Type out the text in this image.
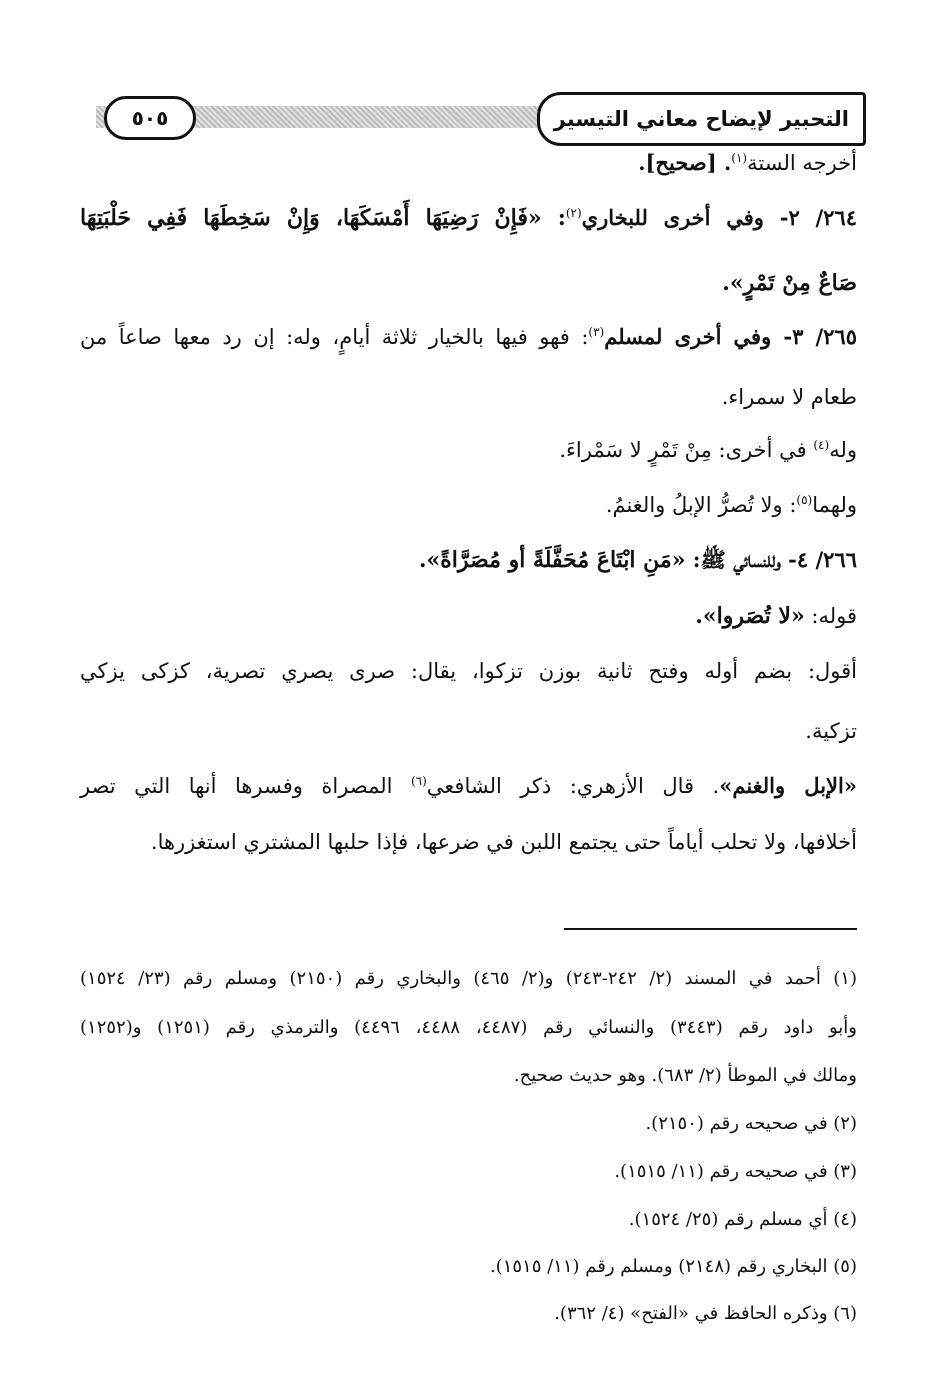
التحبير لإيضاح معاني التيسير
٥٠٥
أخرجه الستة$^{(١)}$. [صحيح].
٢٦٤/ ٢- وفي أخرى للبخاري$^{(٢)}$: «فَإِنْ رَضِيَهَا أَمْسَكَهَا، وَإِنْ سَخِطَهَا فَفِي حَلْبَتِهَا
صَاعٌ مِنْ تَمْرٍ».
٢٦٥/ ٣- وفي أخرى لمسلم$^{(٣)}$: فهو فيها بالخيار ثلاثة أيامٍ، وله: إن رد معها صاعاً من
طعام لا سمراء.
وله$^{(٤)}$ في أخرى: مِنْ تَمْرٍ لا سَمْراءَ.
ولهما$^{(٥)}$: ولا تُصرُّ الإبلُ والغنمُ.
٢٦٦/ ٤- وللنسائي ﷺ: «مَنِ ابْتَاعَ مُحَفَّلَةً أو مُصَرَّاةً».
قوله: «لا تُصَروا».
أقول: بضم أوله وفتح ثانية بوزن تزكوا، يقال: صرى يصري تصرية، كزكى يزكي
تزكية.
«الإبل والغنم». قال الأزهري: ذكر الشافعي$^{(٦)}$ المصراة وفسرها أنها التي تصر
أخلافها، ولا تحلب أياماً حتى يجتمع اللبن في ضرعها، فإذا حلبها المشتري استغزرها.
(١) أحمد في المسند (٢/ ٢٤٢-٢٤٣) و(٢/ ٤٦٥) والبخاري رقم (٢١٥٠) ومسلم رقم (٢٣/ ١٥٢٤)
وأبو داود رقم (٣٤٤٣) والنسائي رقم (٤٤٨٧، ٤٤٨٨، ٤٤٩٦) والترمذي رقم (١٢٥١) و(١٢٥٢)
ومالك في الموطأ (٢/ ٦٨٣). وهو حديث صحيح.
(٢) في صحيحه رقم (٢١٥٠).
(٣) في صحيحه رقم (١١/ ١٥١٥).
(٤) أي مسلم رقم (٢٥/ ١٥٢٤).
(٥) البخاري رقم (٢١٤٨) ومسلم رقم (١١/ ١٥١٥).
(٦) وذكره الحافظ في «الفتح» (٤/ ٣٦٢).
